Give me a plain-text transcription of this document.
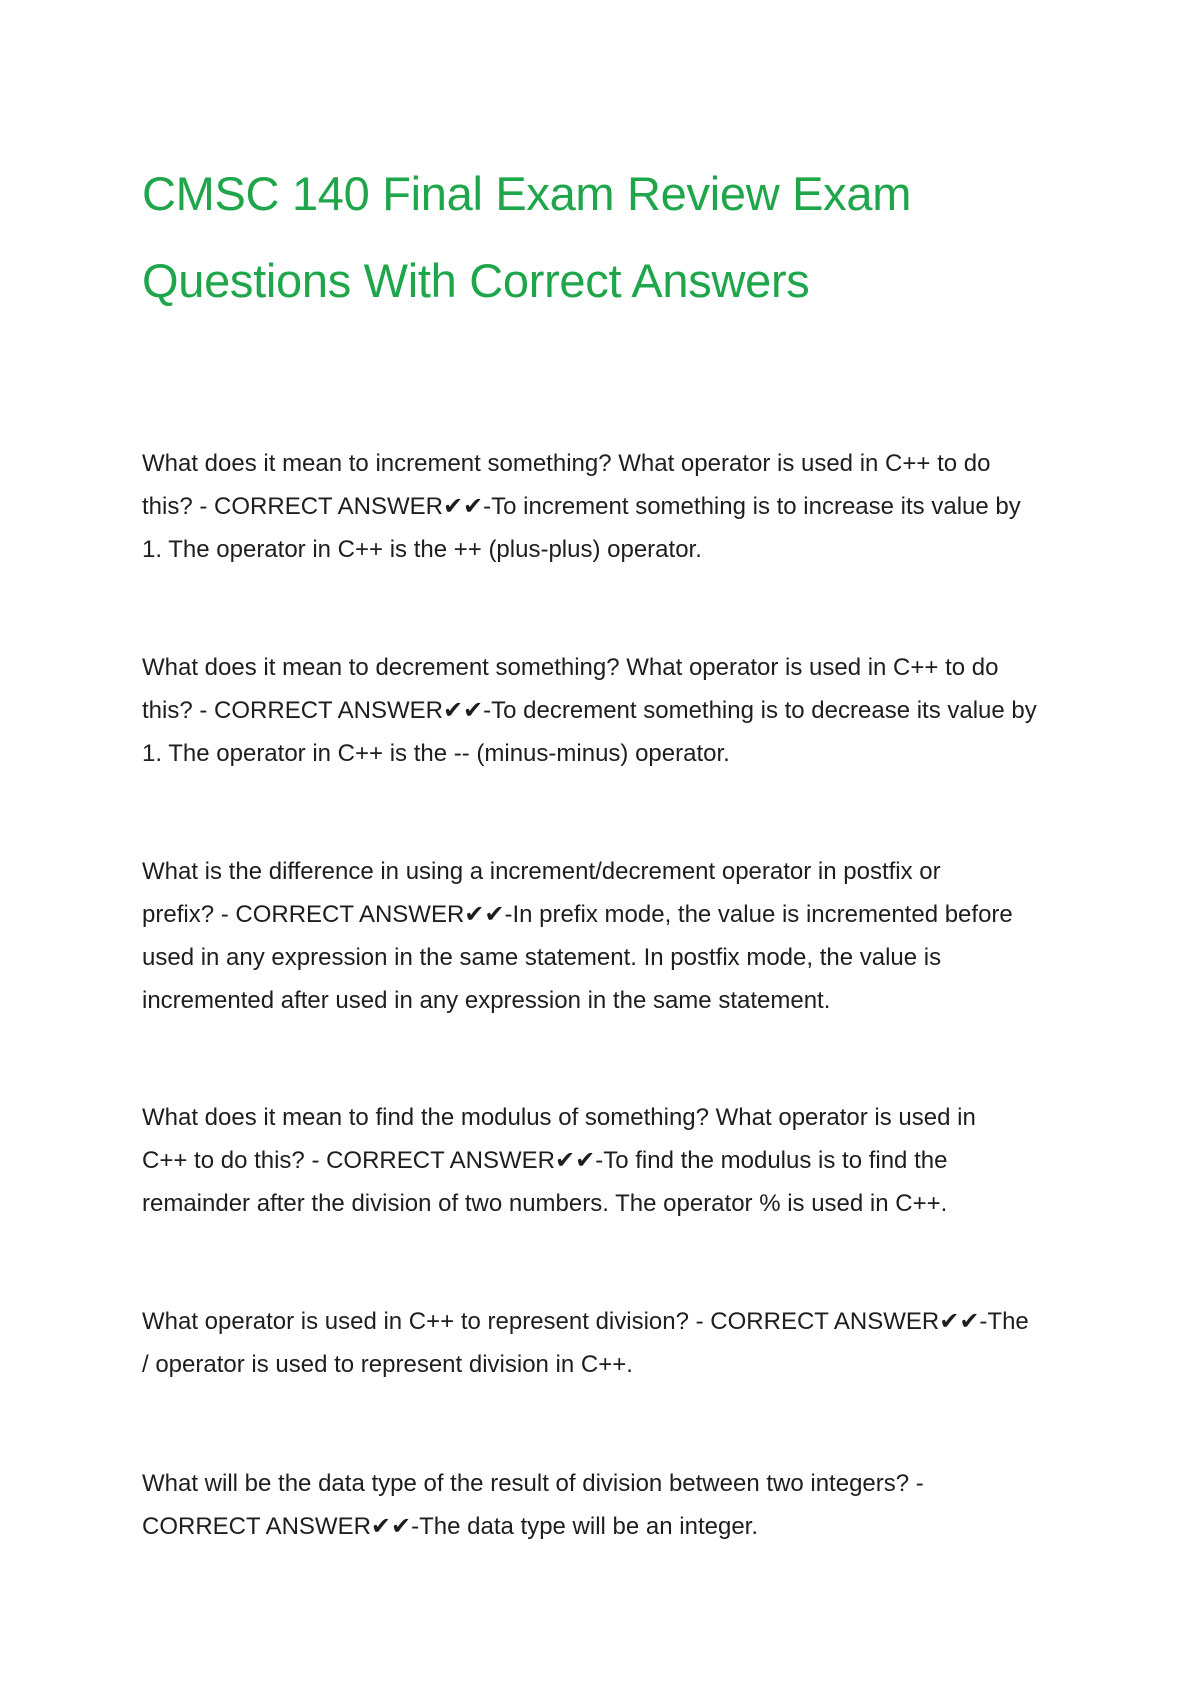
CMSC 140 Final Exam Review Exam
Questions With Correct Answers

What does it mean to increment something? What operator is used in C++ to do
this? - CORRECT ANSWER✔✔-To increment something is to increase its value by
1. The operator in C++ is the ++ (plus-plus) operator.

What does it mean to decrement something? What operator is used in C++ to do
this? - CORRECT ANSWER✔✔-To decrement something is to decrease its value by
1. The operator in C++ is the -- (minus-minus) operator.

What is the difference in using a increment/decrement operator in postfix or
prefix? - CORRECT ANSWER✔✔-In prefix mode, the value is incremented before
used in any expression in the same statement. In postfix mode, the value is
incremented after used in any expression in the same statement.

What does it mean to find the modulus of something? What operator is used in
C++ to do this? - CORRECT ANSWER✔✔-To find the modulus is to find the
remainder after the division of two numbers. The operator % is used in C++.

What operator is used in C++ to represent division? - CORRECT ANSWER✔✔-The
/ operator is used to represent division in C++.

What will be the data type of the result of division between two integers? -
CORRECT ANSWER✔✔-The data type will be an integer.
